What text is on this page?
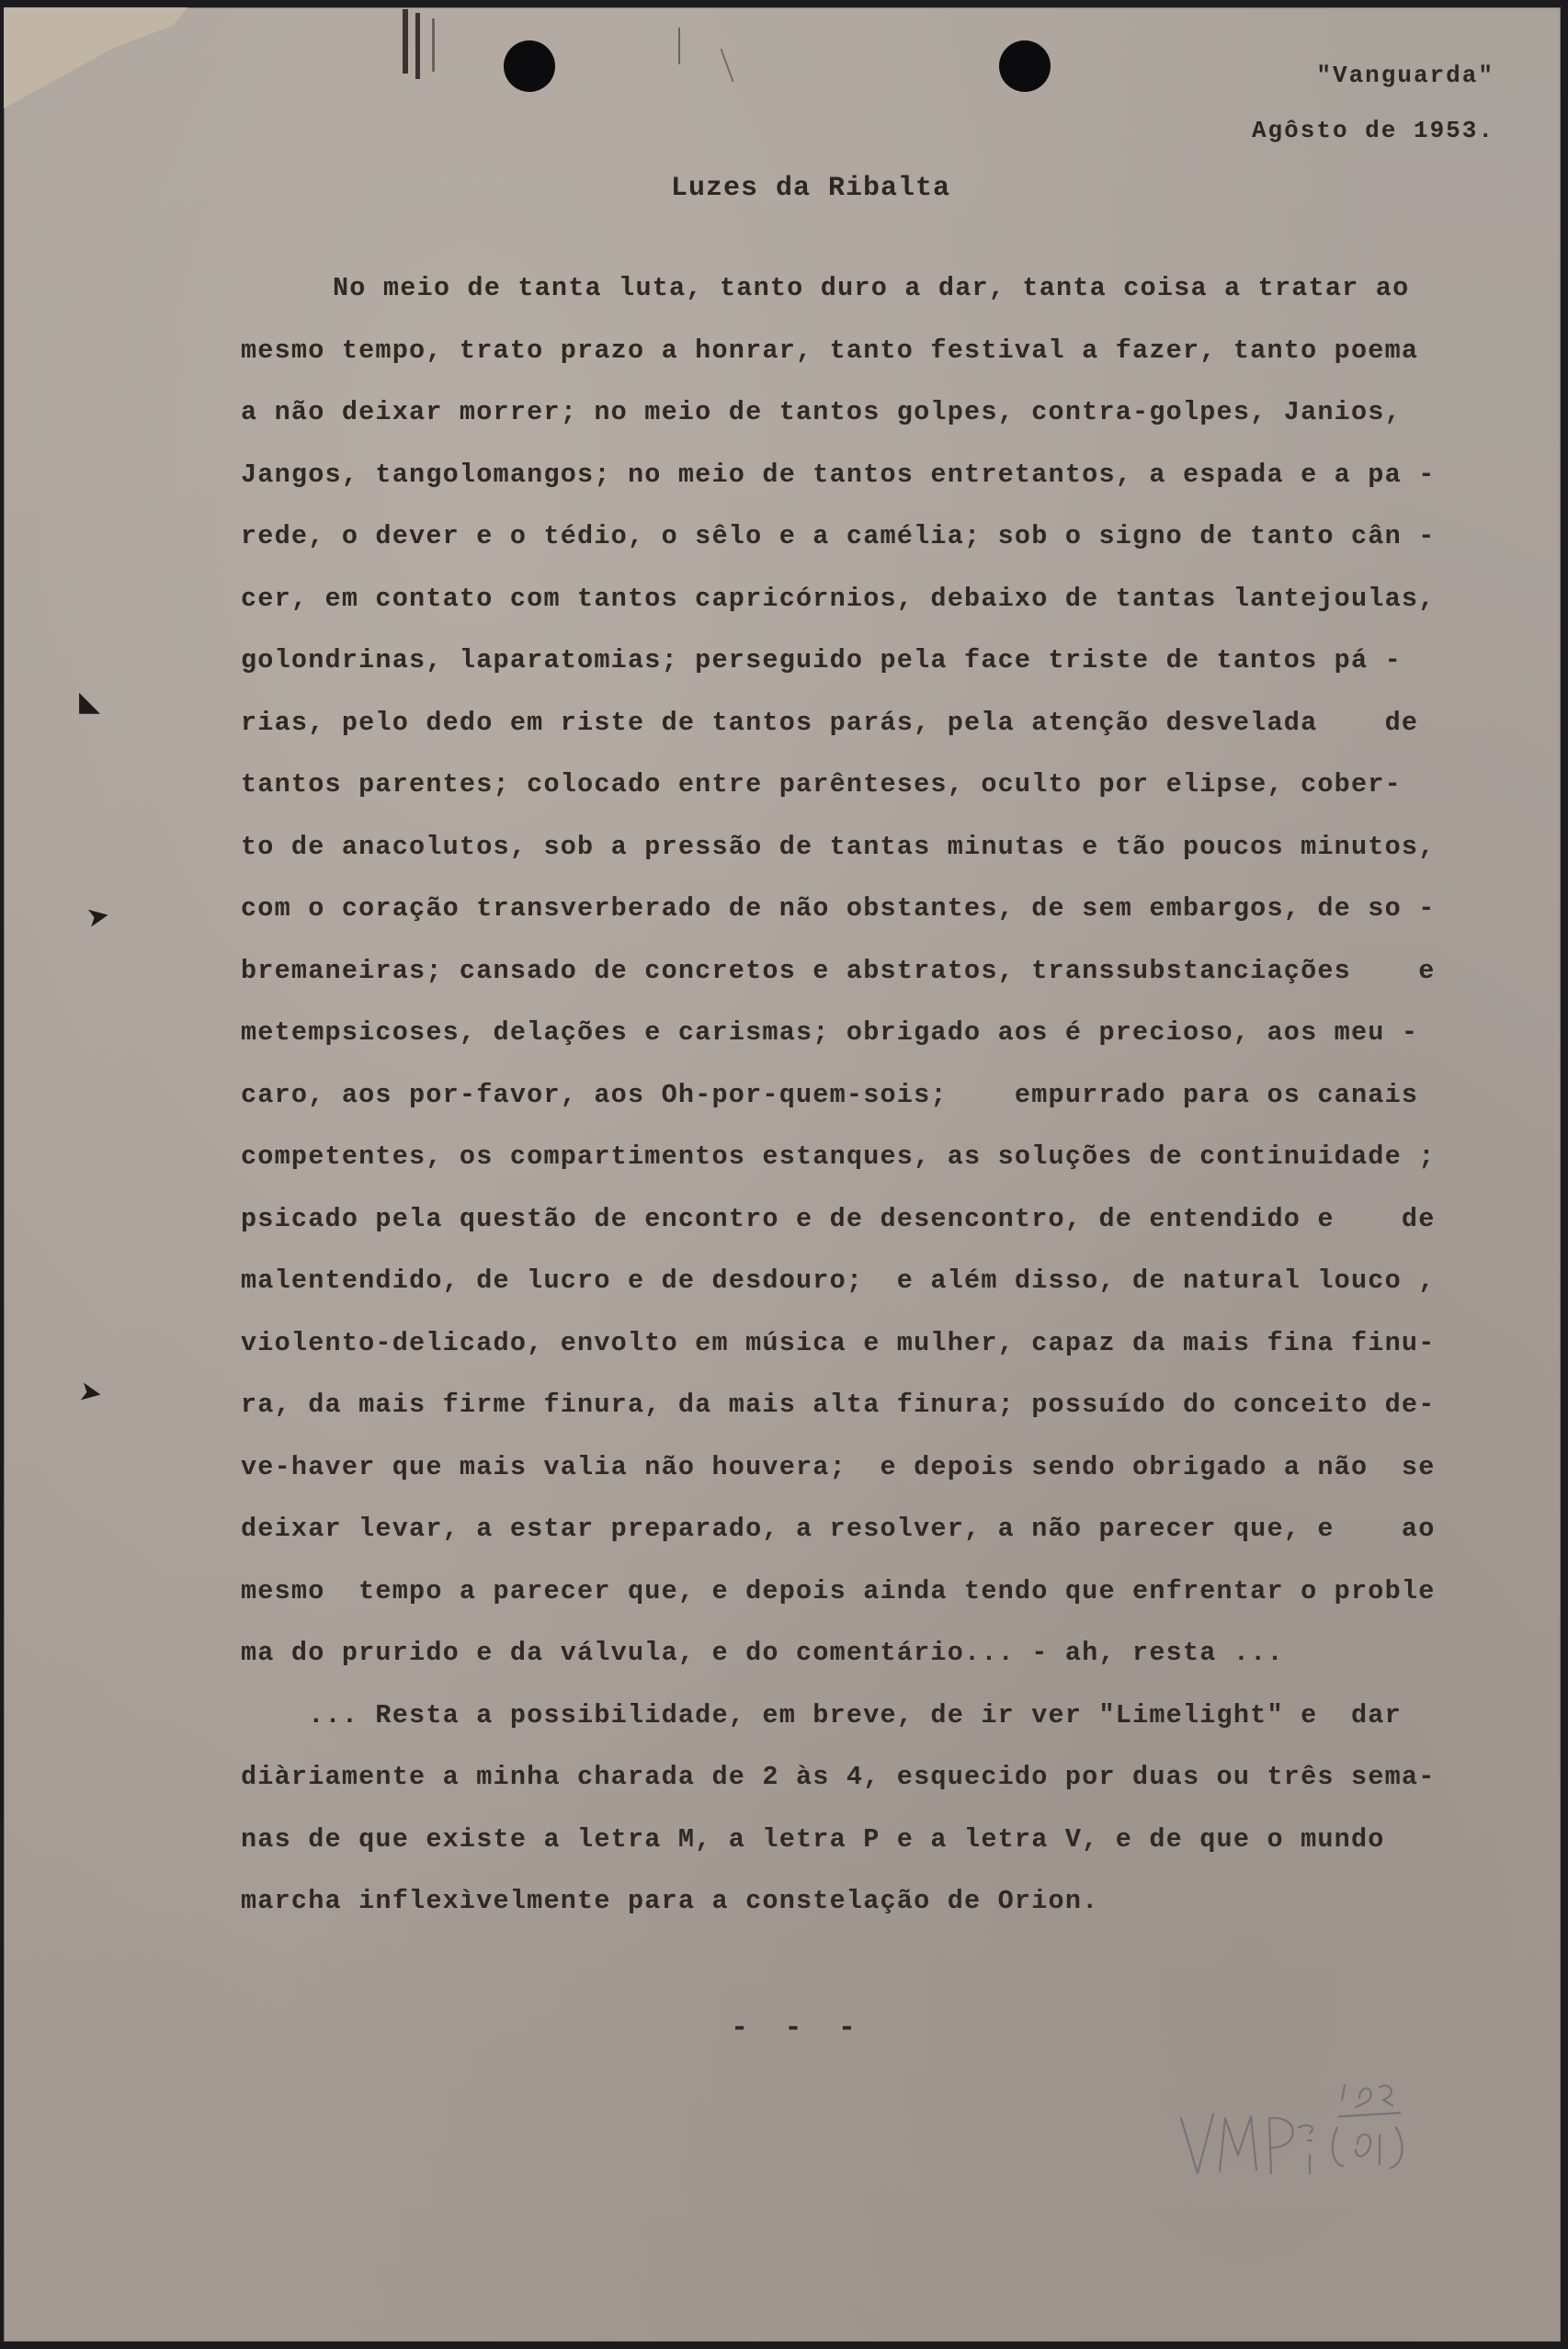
◣
➤
➤
"Vanguarda"
Agôsto de 1953.
Luzes da Ribalta
No meio de tanta luta, tanto duro a dar, tanta coisa a tratar ao
mesmo tempo, trato prazo a honrar, tanto festival a fazer, tanto poema
a não deixar morrer; no meio de tantos golpes, contra-golpes, Janios,
Jangos, tangolomangos; no meio de tantos entretantos, a espada e a pa -
rede, o dever e o tédio, o sêlo e a camélia; sob o signo de tanto cân -
cer, em contato com tantos capricórnios, debaixo de tantas lantejoulas,
golondrinas, laparatomias; perseguido pela face triste de tantos pá -
rias, pelo dedo em riste de tantos parás, pela atenção desvelada    de
tantos parentes; colocado entre parênteses, oculto por elipse, cober-
to de anacolutos, sob a pressão de tantas minutas e tão poucos minutos,
com o coração transverberado de não obstantes, de sem embargos, de so -
bremaneiras; cansado de concretos e abstratos, transsubstanciações    e
metempsicoses, delações e carismas; obrigado aos é precioso, aos meu -
caro, aos por-favor, aos Oh-por-quem-sois;    empurrado para os canais
competentes, os compartimentos estanques, as soluções de continuidade ;
psicado pela questão de encontro e de desencontro, de entendido e    de
malentendido, de lucro e de desdouro;  e além disso, de natural louco ,
violento-delicado, envolto em música e mulher, capaz da mais fina finu-
ra, da mais firme finura, da mais alta finura; possuído do conceito de-
ve-haver que mais valia não houvera;  e depois sendo obrigado a não  se
deixar levar, a estar preparado, a resolver, a não parecer que, e    ao
mesmo  tempo a parecer que, e depois ainda tendo que enfrentar o proble
ma do prurido e da válvula, e do comentário... - ah, resta ...
... Resta a possibilidade, em breve, de ir ver "Limelight" e  dar
diàriamente a minha charada de 2 às 4, esquecido por duas ou três sema-
nas de que existe a letra M, a letra P e a letra V, e de que o mundo
marcha inflexìvelmente para a constelação de Orion.
- - -
